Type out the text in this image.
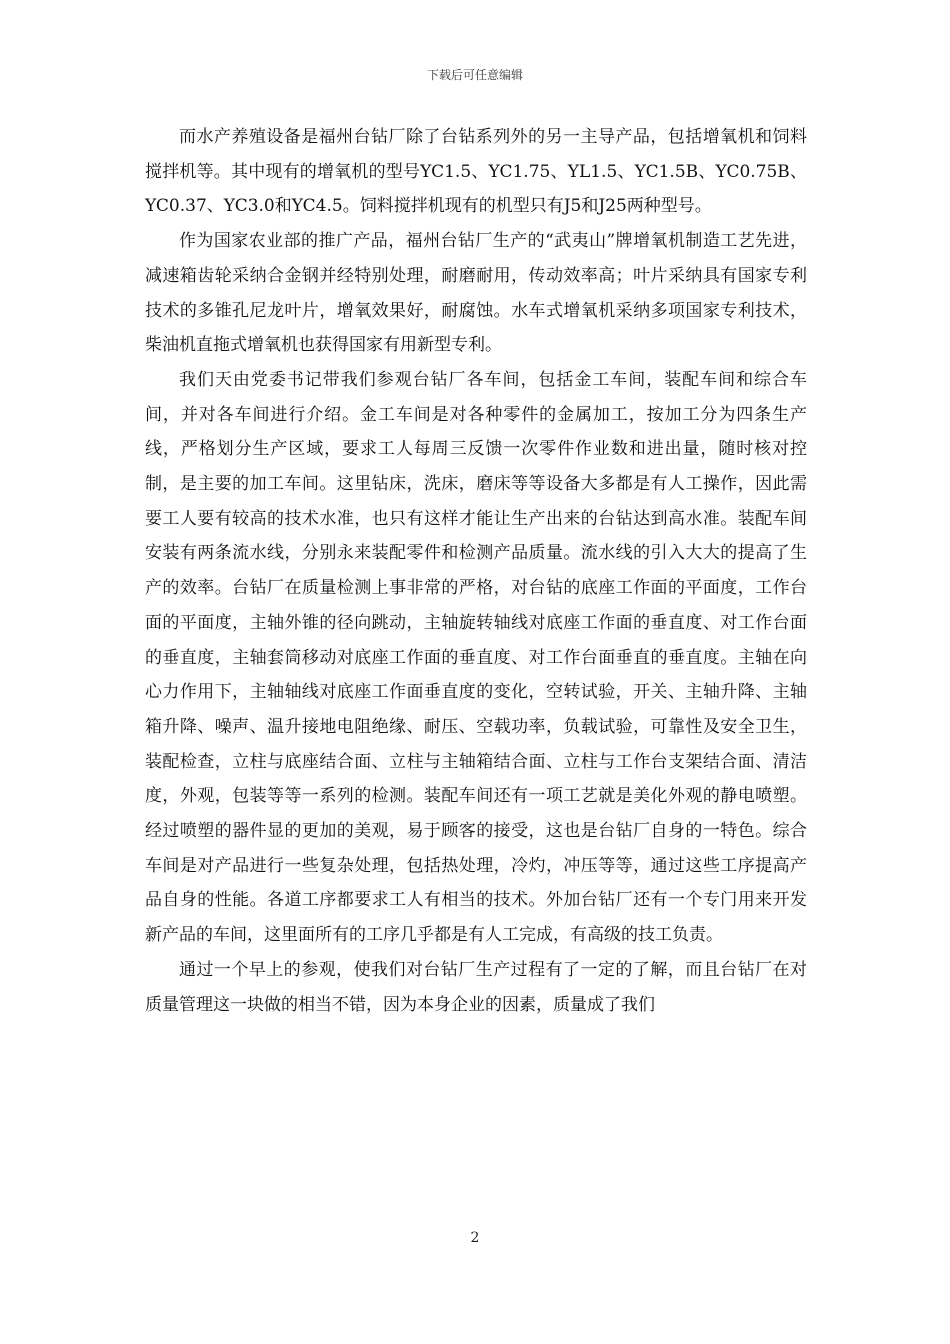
下载后可任意编辑

而水产养殖设备是福州台钻厂除了台钻系列外的另一主导产品，包括增氧机和饲料搅拌机等。其中现有的增氧机的型号YC1.5、YC1.75、YL1.5、YC1.5B、YC0.75B、YC0.37、YC3.0和YC4.5。饲料搅拌机现有的机型只有J5和J25两种型号。

作为国家农业部的推广产品，福州台钻厂生产的“武夷山”牌增氧机制造工艺先进，减速箱齿轮采纳合金钢并经特别处理，耐磨耐用，传动效率高；叶片采纳具有国家专利技术的多锥孔尼龙叶片，增氧效果好，耐腐蚀。水车式增氧机采纳多项国家专利技术，柴油机直拖式增氧机也获得国家有用新型专利。

我们天由党委书记带我们参观台钻厂各车间，包括金工车间，装配车间和综合车间，并对各车间进行介绍。金工车间是对各种零件的金属加工，按加工分为四条生产线，严格划分生产区域，要求工人每周三反馈一次零件作业数和进出量，随时核对控制，是主要的加工车间。这里钻床，洗床，磨床等等设备大多都是有人工操作，因此需要工人要有较高的技术水准，也只有这样才能让生产出来的台钻达到高水准。装配车间安装有两条流水线，分别永来装配零件和检测产品质量。流水线的引入大大的提高了生产的效率。台钻厂在质量检测上事非常的严格，对台钻的底座工作面的平面度，工作台面的平面度，主轴外锥的径向跳动，主轴旋转轴线对底座工作面的垂直度、对工作台面的垂直度，主轴套筒移动对底座工作面的垂直度、对工作台面垂直的垂直度。主轴在向心力作用下，主轴轴线对底座工作面垂直度的变化，空转试验，开关、主轴升降、主轴箱升降、噪声、温升接地电阻绝缘、耐压、空载功率，负载试验，可靠性及安全卫生，装配检查，立柱与底座结合面、立柱与主轴箱结合面、立柱与工作台支架结合面、清洁度，外观，包装等等一系列的检测。装配车间还有一项工艺就是美化外观的静电喷塑。经过喷塑的器件显的更加的美观，易于顾客的接受，这也是台钻厂自身的一特色。综合车间是对产品进行一些复杂处理，包括热处理，冷灼，冲压等等，通过这些工序提高产品自身的性能。各道工序都要求工人有相当的技术。外加台钻厂还有一个专门用来开发新产品的车间，这里面所有的工序几乎都是有人工完成，有高级的技工负责。

通过一个早上的参观，使我们对台钻厂生产过程有了一定的了解，而且台钻厂在对质量管理这一块做的相当不错，因为本身企业的因素，质量成了我们

2
